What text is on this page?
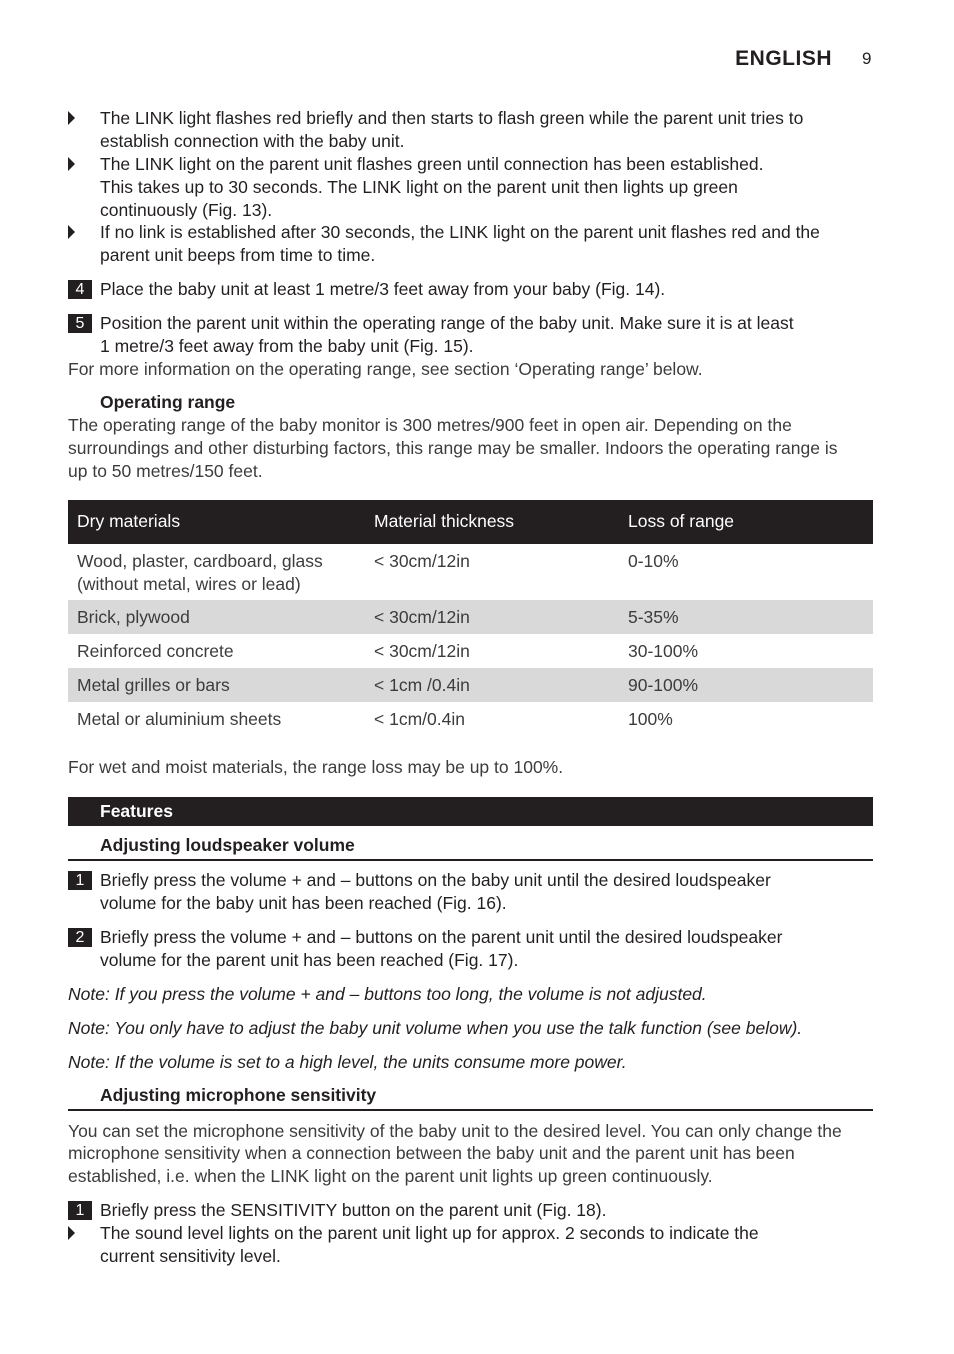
ENGLISH 9
The LINK light flashes red briefly and then starts to flash green while the parent unit tries to
establish connection with the baby unit.
The LINK light on the parent unit flashes green until connection has been established.
This takes up to 30 seconds. The LINK light on the parent unit then lights up green
continuously (Fig. 13).
If no link is established after 30 seconds, the LINK light on the parent unit flashes red and the
parent unit beeps from time to time.
4 Place the baby unit at least 1 metre/3 feet away from your baby (Fig. 14).
5 Position the parent unit within the operating range of the baby unit. Make sure it is at least
1 metre/3 feet away from the baby unit (Fig. 15).
For more information on the operating range, see section ‘Operating range’ below.
Operating range
The operating range of the baby monitor is 300 metres/900 feet in open air. Depending on the
surroundings and other disturbing factors, this range may be smaller. Indoors the operating range is
up to 50 metres/150 feet.
Dry materials	Material thickness	Loss of range
Wood, plaster, cardboard, glass
(without metal, wires or lead)
< 30cm/12in	0-10%
Brick, plywood	< 30cm/12in	5-35%
Reinforced concrete	< 30cm/12in	30-100%
Metal grilles or bars	< 1cm /0.4in	90-100%
Metal or aluminium sheets	< 1cm/0.4in	100%
For wet and moist materials, the range loss may be up to 100%.
Features
Adjusting loudspeaker volume
1 Briefly press the volume + and – buttons on the baby unit until the desired loudspeaker
volume for the baby unit has been reached (Fig. 16).
2 Briefly press the volume + and – buttons on the parent unit until the desired loudspeaker
volume for the parent unit has been reached (Fig. 17).
Note: If you press the volume + and – buttons too long, the volume is not adjusted.
Note: You only have to adjust the baby unit volume when you use the talk function (see below).
Note: If the volume is set to a high level, the units consume more power.
Adjusting microphone sensitivity
You can set the microphone sensitivity of the baby unit to the desired level. You can only change the
microphone sensitivity when a connection between the baby unit and the parent unit has been
established, i.e. when the LINK light on the parent unit lights up green continuously.
1 Briefly press the SENSITIVITY button on the parent unit (Fig. 18).
The sound level lights on the parent unit light up for approx. 2 seconds to indicate the
current sensitivity level.
